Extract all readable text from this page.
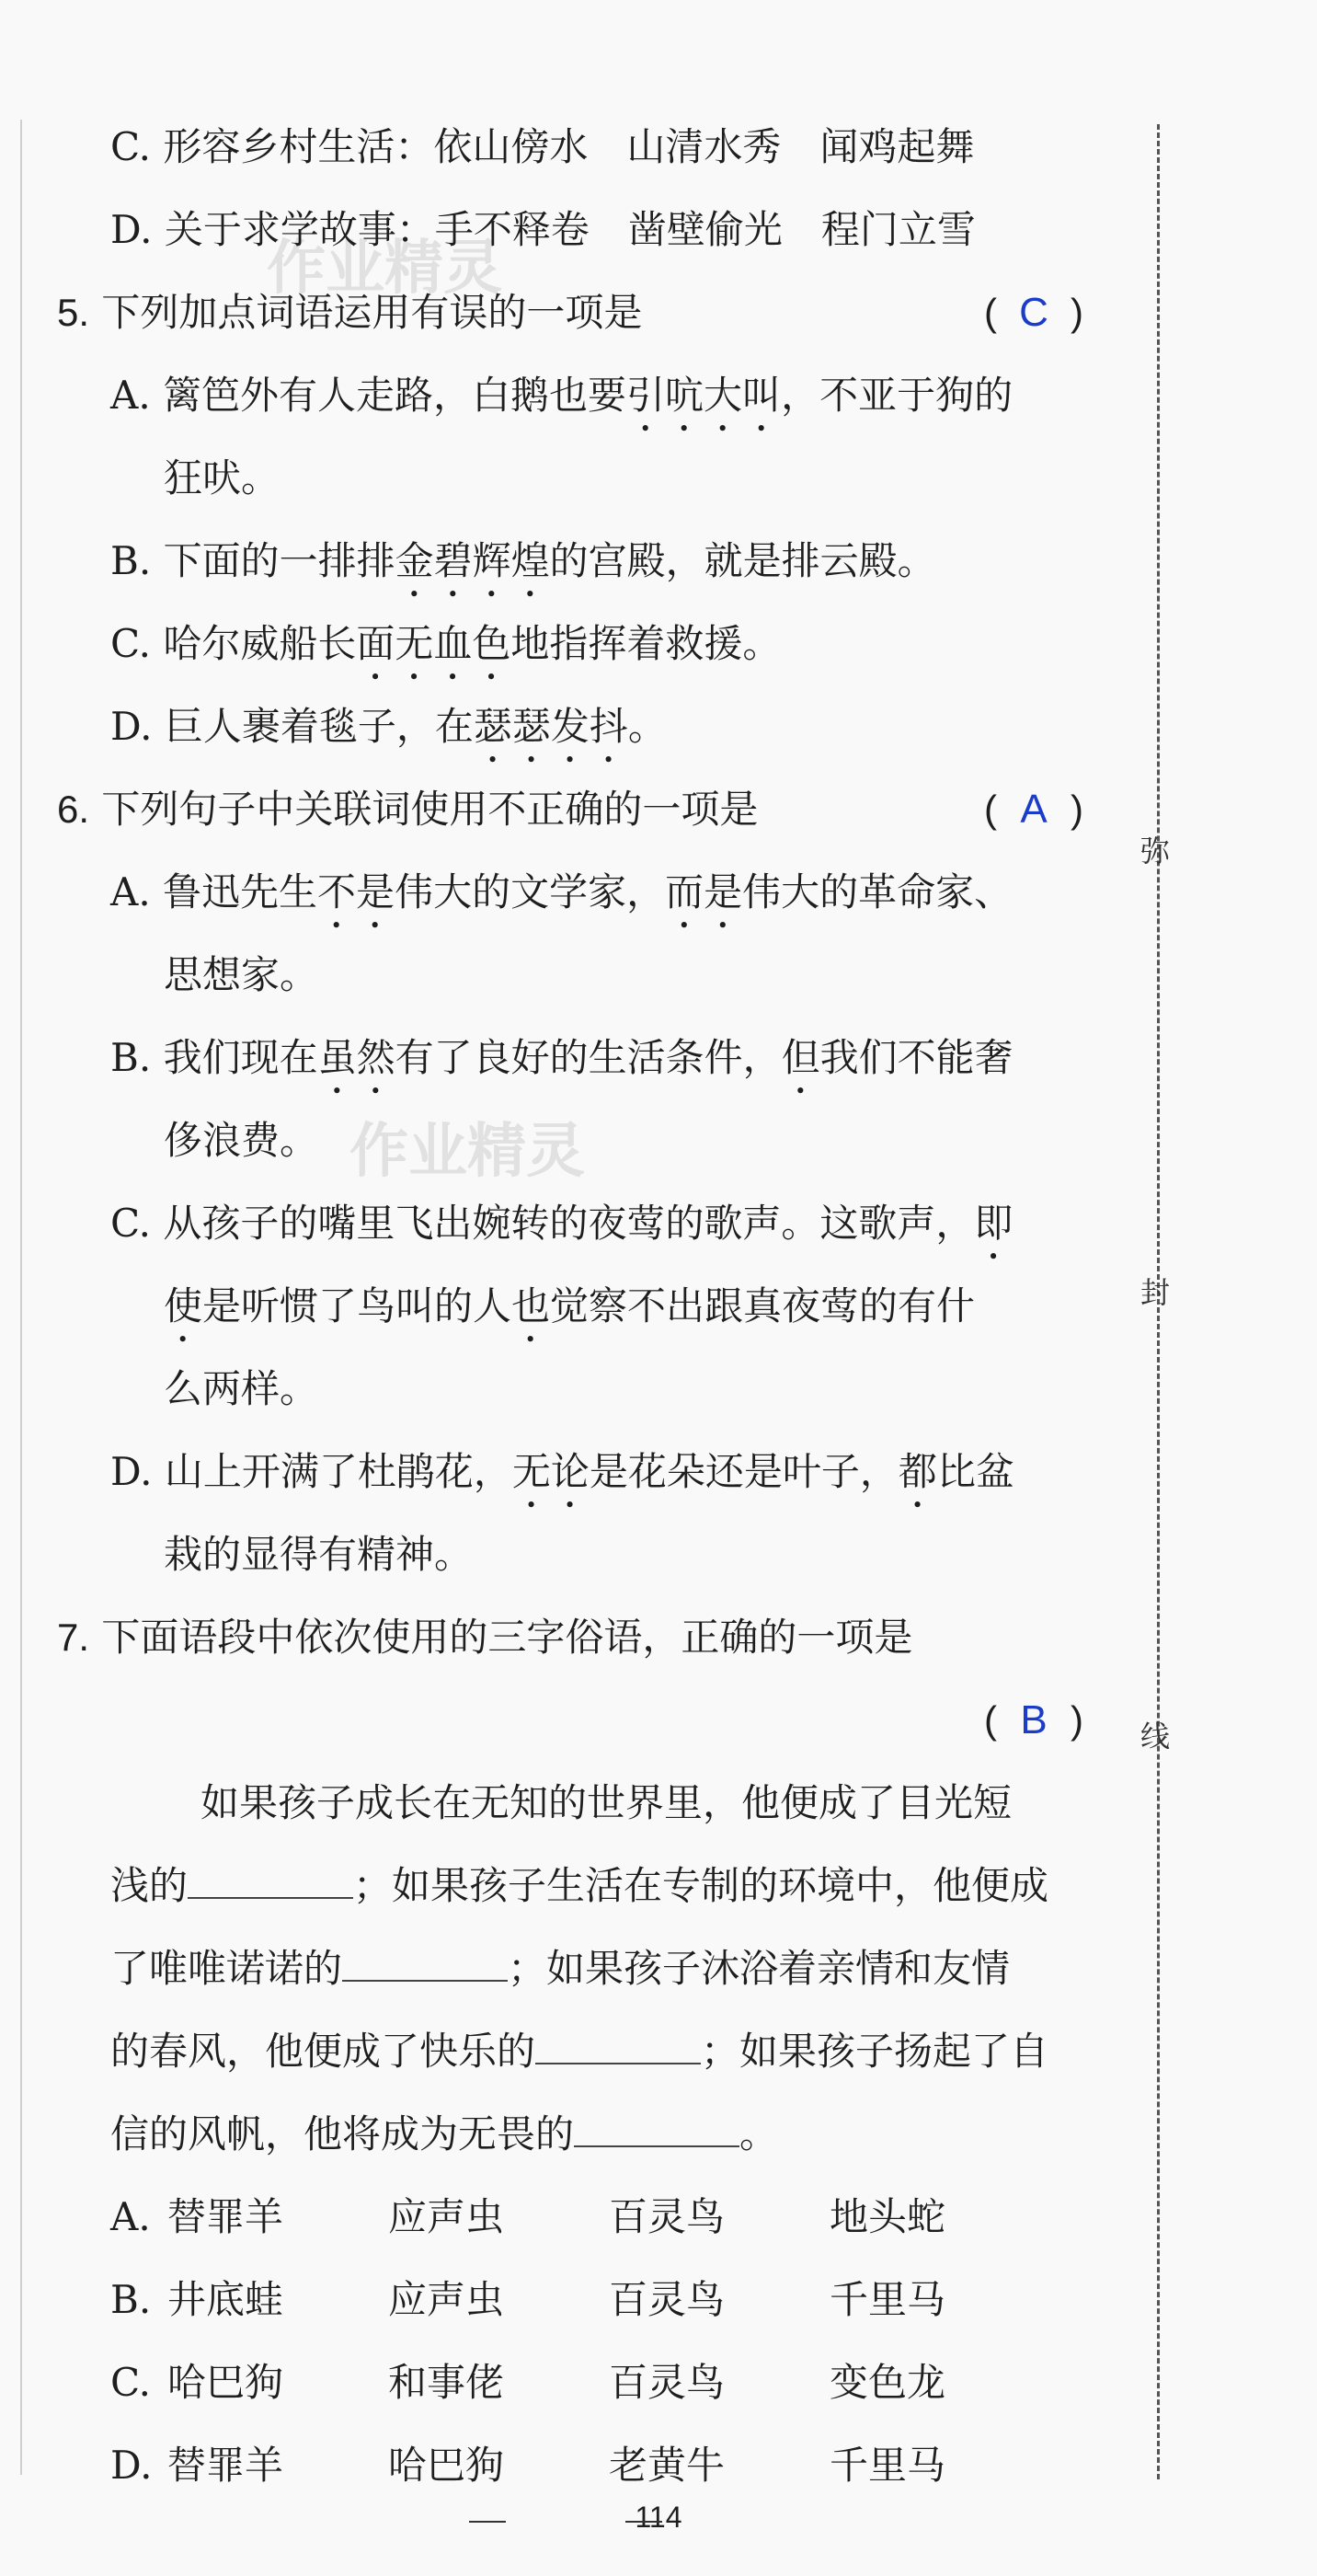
弥
封
线
作业精灵
作业精灵
C. 形容乡村生活：依山傍水　山清水秀　闻鸡起舞
D. 关于求学故事：手不释卷　凿壁偷光　程门立雪
5. 下列加点词语运用有误的一项是	( C )
A. 篱笆外有人走路，白鹅也要引吭大叫，不亚于狗的
狂吠。
B. 下面的一排排金碧辉煌的宫殿，就是排云殿。
C. 哈尔威船长面无血色地指挥着救援。
D. 巨人裹着毯子，在瑟瑟发抖。
6. 下列句子中关联词使用不正确的一项是	( A )
A. 鲁迅先生不是伟大的文学家，而是伟大的革命家、
思想家。
B. 我们现在虽然有了良好的生活条件，但我们不能奢
侈浪费。
C. 从孩子的嘴里飞出婉转的夜莺的歌声。这歌声，即
使是听惯了鸟叫的人也觉察不出跟真夜莺的有什
么两样。
D. 山上开满了杜鹃花，无论是花朵还是叶子，都比盆
栽的显得有精神。
7. 下面语段中依次使用的三字俗语，正确的一项是
( B )
如果孩子成长在无知的世界里，他便成了目光短
浅的	；如果孩子生活在专制的环境中，他便成
了唯唯诺诺的	；如果孩子沐浴着亲情和友情
的春风，他便成了快乐的	；如果孩子扬起了自
信的风帆，他将成为无畏的	。
A. 替罪羊	应声虫	百灵鸟	地头蛇
B. 井底蛙	应声虫	百灵鸟	千里马
C. 哈巴狗	和事佬	百灵鸟	变色龙
D. 替罪羊	哈巴狗	老黄牛	千里马
114
